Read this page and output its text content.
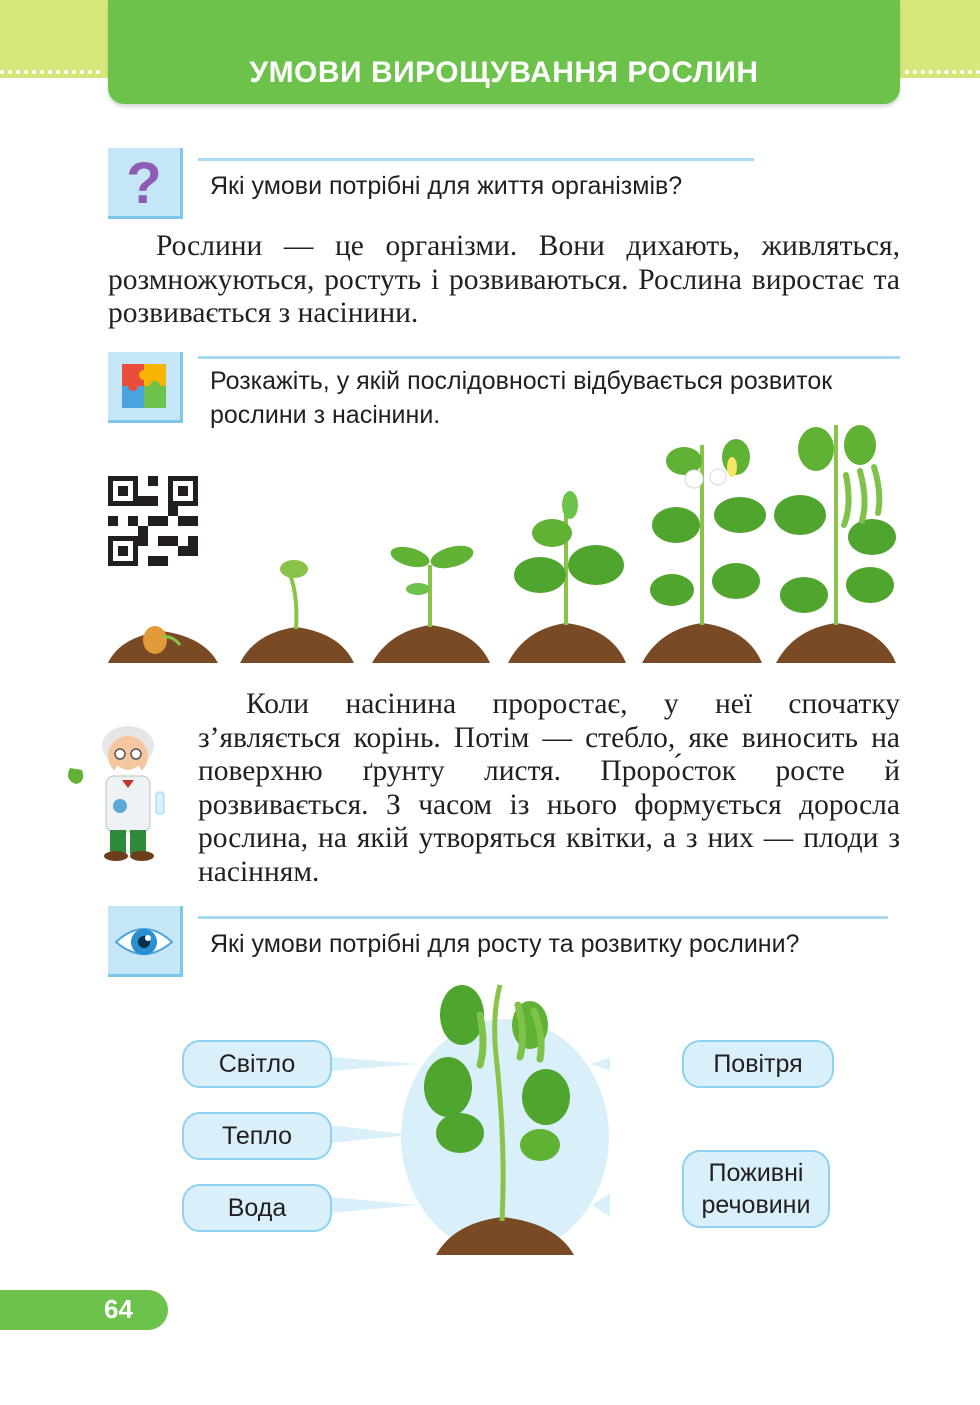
УМОВИ ВИРОЩУВАННЯ РОСЛИН
? Які умови потрібні для життя організмів?

Рослини — це організми. Вони дихають, живляться, розмножуються, ростуть і розвиваються. Рослина виростає та розвивається з насінини.

Розкажіть, у якій послідовності відбувається розвиток рослини з насінини.

Коли насінина проростає, у неї спочатку з’являється корінь. Потім — стебло, яке виносить на поверхню ґрунту листя. Проро́сток росте й розвивається. З часом із нього формується доросла рослина, на якій утворяться квітки, а з них — плоди з насінням.

Які умови потрібні для росту та розвитку рослини?
Світло
Тепло
Вода
Повітря
Поживні речовини
64
